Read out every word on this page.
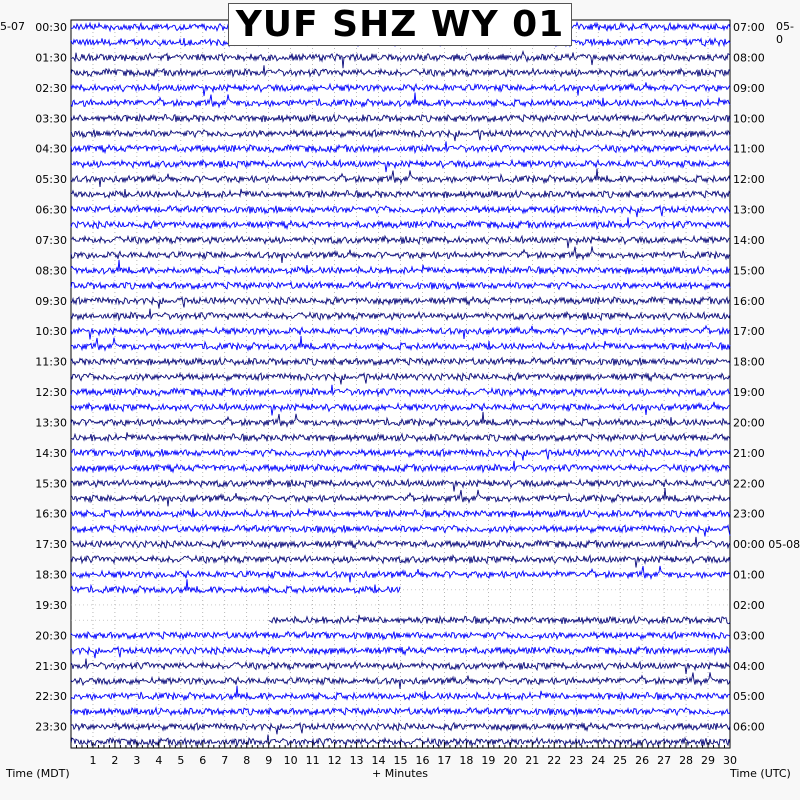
1 2 3 4 5 6 7 8 9 10 11 12 13 14 15 16 17 18 19 20 21 22 23 24 25 26 27 28 29 30
00:30
01:30
02:30
03:30
04:30
05:30
06:30
07:30
08:30
09:30
10:30
11:30
12:30
13:30
14:30
15:30
16:30
17:30
18:30
19:30
20:30
21:30
22:30
23:30
07:00
08:00
09:00
10:00
11:00
12:00
13:00
14:00
15:00
16:00
17:00
18:00
19:00
20:00
21:00
22:00
23:00
00:00 05-08
01:00
02:00
03:00
04:00
05:00
06:00
+ Minutes
Time (MDT)	Time (UTC)
YUF SHZ WY 01
5-07	05-0
